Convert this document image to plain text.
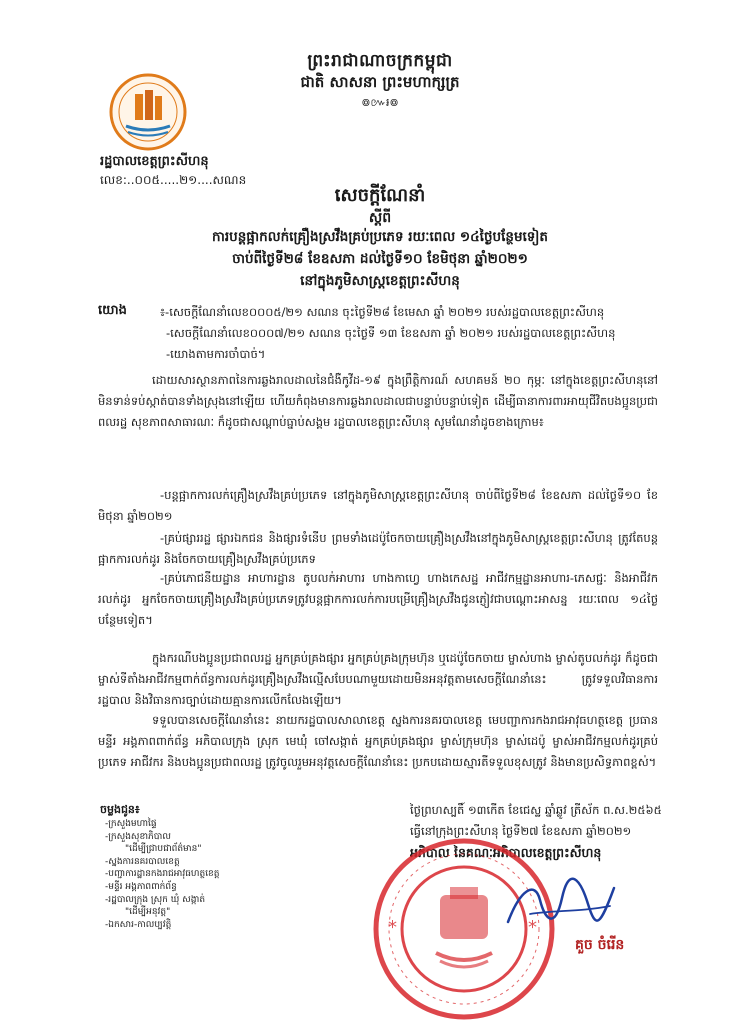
ព្រះរាជាណាចក្រកម្ពុជា
ជាតិ សាសនា ព្រះមហាក្សត្រ
៙៚៛៙
រដ្ឋបាលខេត្តព្រះសីហនុ
លេខ:..០០៥.....២១....សណន
សេចក្តីណែនាំ
ស្តីពី
ការបន្តផ្អាកលក់គ្រឿងស្រវឹងគ្រប់ប្រភេទ រយៈពេល ១៤ថ្ងៃបន្ថែមទៀត
ចាប់ពីថ្ងៃទី២៨ ខែឧសភា ដល់ថ្ងៃទី១០ ខែមិថុនា ឆ្នាំ២០២១
នៅក្នុងភូមិសាស្ត្រខេត្តព្រះសីហនុ
យោង	៖-សេចក្តីណែនាំលេខ០០០៥/២១ សណន ចុះថ្ងៃទី២៨ ខែមេសា ឆ្នាំ ២០២១ របស់រដ្ឋបាលខេត្តព្រះសីហនុ
-សេចក្តីណែនាំលេខ០០០៧/២១ សណន ចុះថ្ងៃទី ១៣ ខែឧសភា ឆ្នាំ ២០២១ របស់រដ្ឋបាលខេត្តព្រះសីហនុ
-យោងតាមការចាំបាច់។
ដោយសារស្ថានភាពនៃការឆ្លងរាលដាលនៃជំងឺកូវីដ-១៩ ក្នុងព្រឹត្តិការណ៍ សហគមន៍ ២០ កុម្ភៈ នៅក្នុងខេត្តព្រះសីហនុនៅមិនទាន់ទប់ស្កាត់បានទាំងស្រុងនៅឡើយ ហើយកំពុងមានការឆ្លងរាលដាលជាបន្ទាប់បន្ទាប់ទៀត ដើម្បីធានាការពារអាយុជីវិតបងប្អូនប្រជាពលរដ្ឋ សុខភាពសាធារណៈ ក៏ដូចជាសណ្តាប់ធ្នាប់សង្គម រដ្ឋបាលខេត្តព្រះសីហនុ សូមណែនាំដូចខាងក្រោម៖
-បន្តផ្អាកការលក់គ្រឿងស្រវឹងគ្រប់ប្រភេទ នៅក្នុងភូមិសាស្ត្រខេត្តព្រះសីហនុ ចាប់ពីថ្ងៃទី២៨ ខែឧសភា ដល់ថ្ងៃទី១០ ខែមិថុនា ឆ្នាំ២០២១
-គ្រប់ផ្សាររដ្ឋ ផ្សារឯកជន និងផ្សារទំនើប ព្រមទាំងដេប៉ូចែកចាយគ្រឿងស្រវឹងនៅក្នុងភូមិសាស្ត្រខេត្តព្រះសីហនុ ត្រូវតែបន្តផ្អាកការលក់ដូរ និងចែកចាយគ្រឿងស្រវឹងគ្រប់ប្រភេទ
-គ្រប់ភោជនីយដ្ឋាន អាហារដ្ឋាន តូបលក់អាហារ ហាងកាហ្វេ ហាងកេសដ្ឋ អាជីវកម្មដ្ឋានអាហារ-ភេសជ្ជៈ និងអាជីវករលក់ដូរ អ្នកចែកចាយគ្រឿងស្រវឹងគ្រប់ប្រភេទត្រូវបន្តផ្អាកការលក់ការបម្រើគ្រឿងស្រវឹងជូនភ្ញៀវជាបណ្តោះអាសន្ន រយៈពេល ១៤ថ្ងៃបន្ថែមទៀត។
ក្នុងករណីបងប្អូនប្រជាពលរដ្ឋ អ្នកគ្រប់គ្រងផ្សារ អ្នកគ្រប់គ្រងក្រុមហ៊ុន ឬដេប៉ូចែកចាយ ម្ចាស់ហាង ម្ចាស់តូបលក់ដូរ ក៏ដូចជាម្ចាស់ទីតាំងអាជីវកម្មពាក់ព័ន្ធការលក់ដូរគ្រឿងស្រវឹងល្មើសបែបណាមួយដោយមិនអនុវត្តតាមសេចក្តីណែនាំនេះ ត្រូវទទួលវិធានការរដ្ឋបាល និងវិធានការច្បាប់ដោយគ្មានការលើកលែងឡើយ។
ទទួលបានសេចក្តីណែនាំនេះ នាយករដ្ឋបាលសាលាខេត្ត ស្នងការនគរបាលខេត្ត មេបញ្ជាការកងរាជអាវុធហត្ថខេត្ត ប្រធានមន្ទីរ អង្គភាពពាក់ព័ន្ធ អភិបាលក្រុង ស្រុក មេឃុំ ចៅសង្កាត់ អ្នកគ្រប់គ្រងផ្សារ ម្ចាស់ក្រុមហ៊ុន ម្ចាស់ដេប៉ូ ម្ចាស់អាជីវកម្មលក់ដូរគ្រប់ប្រភេទ អាជីវករ និងបងប្អូនប្រជាពលរដ្ឋ ត្រូវចូលរួមអនុវត្តសេចក្តីណែនាំនេះ ប្រកបដោយស្មារតីទទួលខុសត្រូវ និងមានប្រសិទ្ធភាពខ្ពស់។
ចម្លងជូន៖
-ក្រសួងមហាផ្ទៃ
-ក្រសួងសុខាភិបាល
"ដើម្បីជ្រាបជាព័ត៌មាន"
-ស្នងការនគរបាលខេត្ត
-បញ្ជាការដ្ឋានកងរាជអាវុធហត្ថខេត្ត
-មន្ទីរ អង្គភាពពាក់ព័ន្ធ
-រដ្ឋបាលក្រុង ស្រុក ឃុំ សង្កាត់
"ដើម្បីអនុវត្ត"
-ឯកសារ-កាលប្បវត្តិ
ថ្ងៃព្រហស្បតិ៍ ១៣កើត ខែជេស្ឋ ឆ្នាំឆ្លូវ ត្រីស័ក ព.ស.២៥៦៥
ធ្វើនៅក្រុងព្រះសីហនុ ថ្ងៃទី២៧ ខែឧសភា ឆ្នាំ២០២១
អភិបាល នៃគណៈអភិបាលខេត្តព្រះសីហនុ
*	*
គួច ចំរើន
